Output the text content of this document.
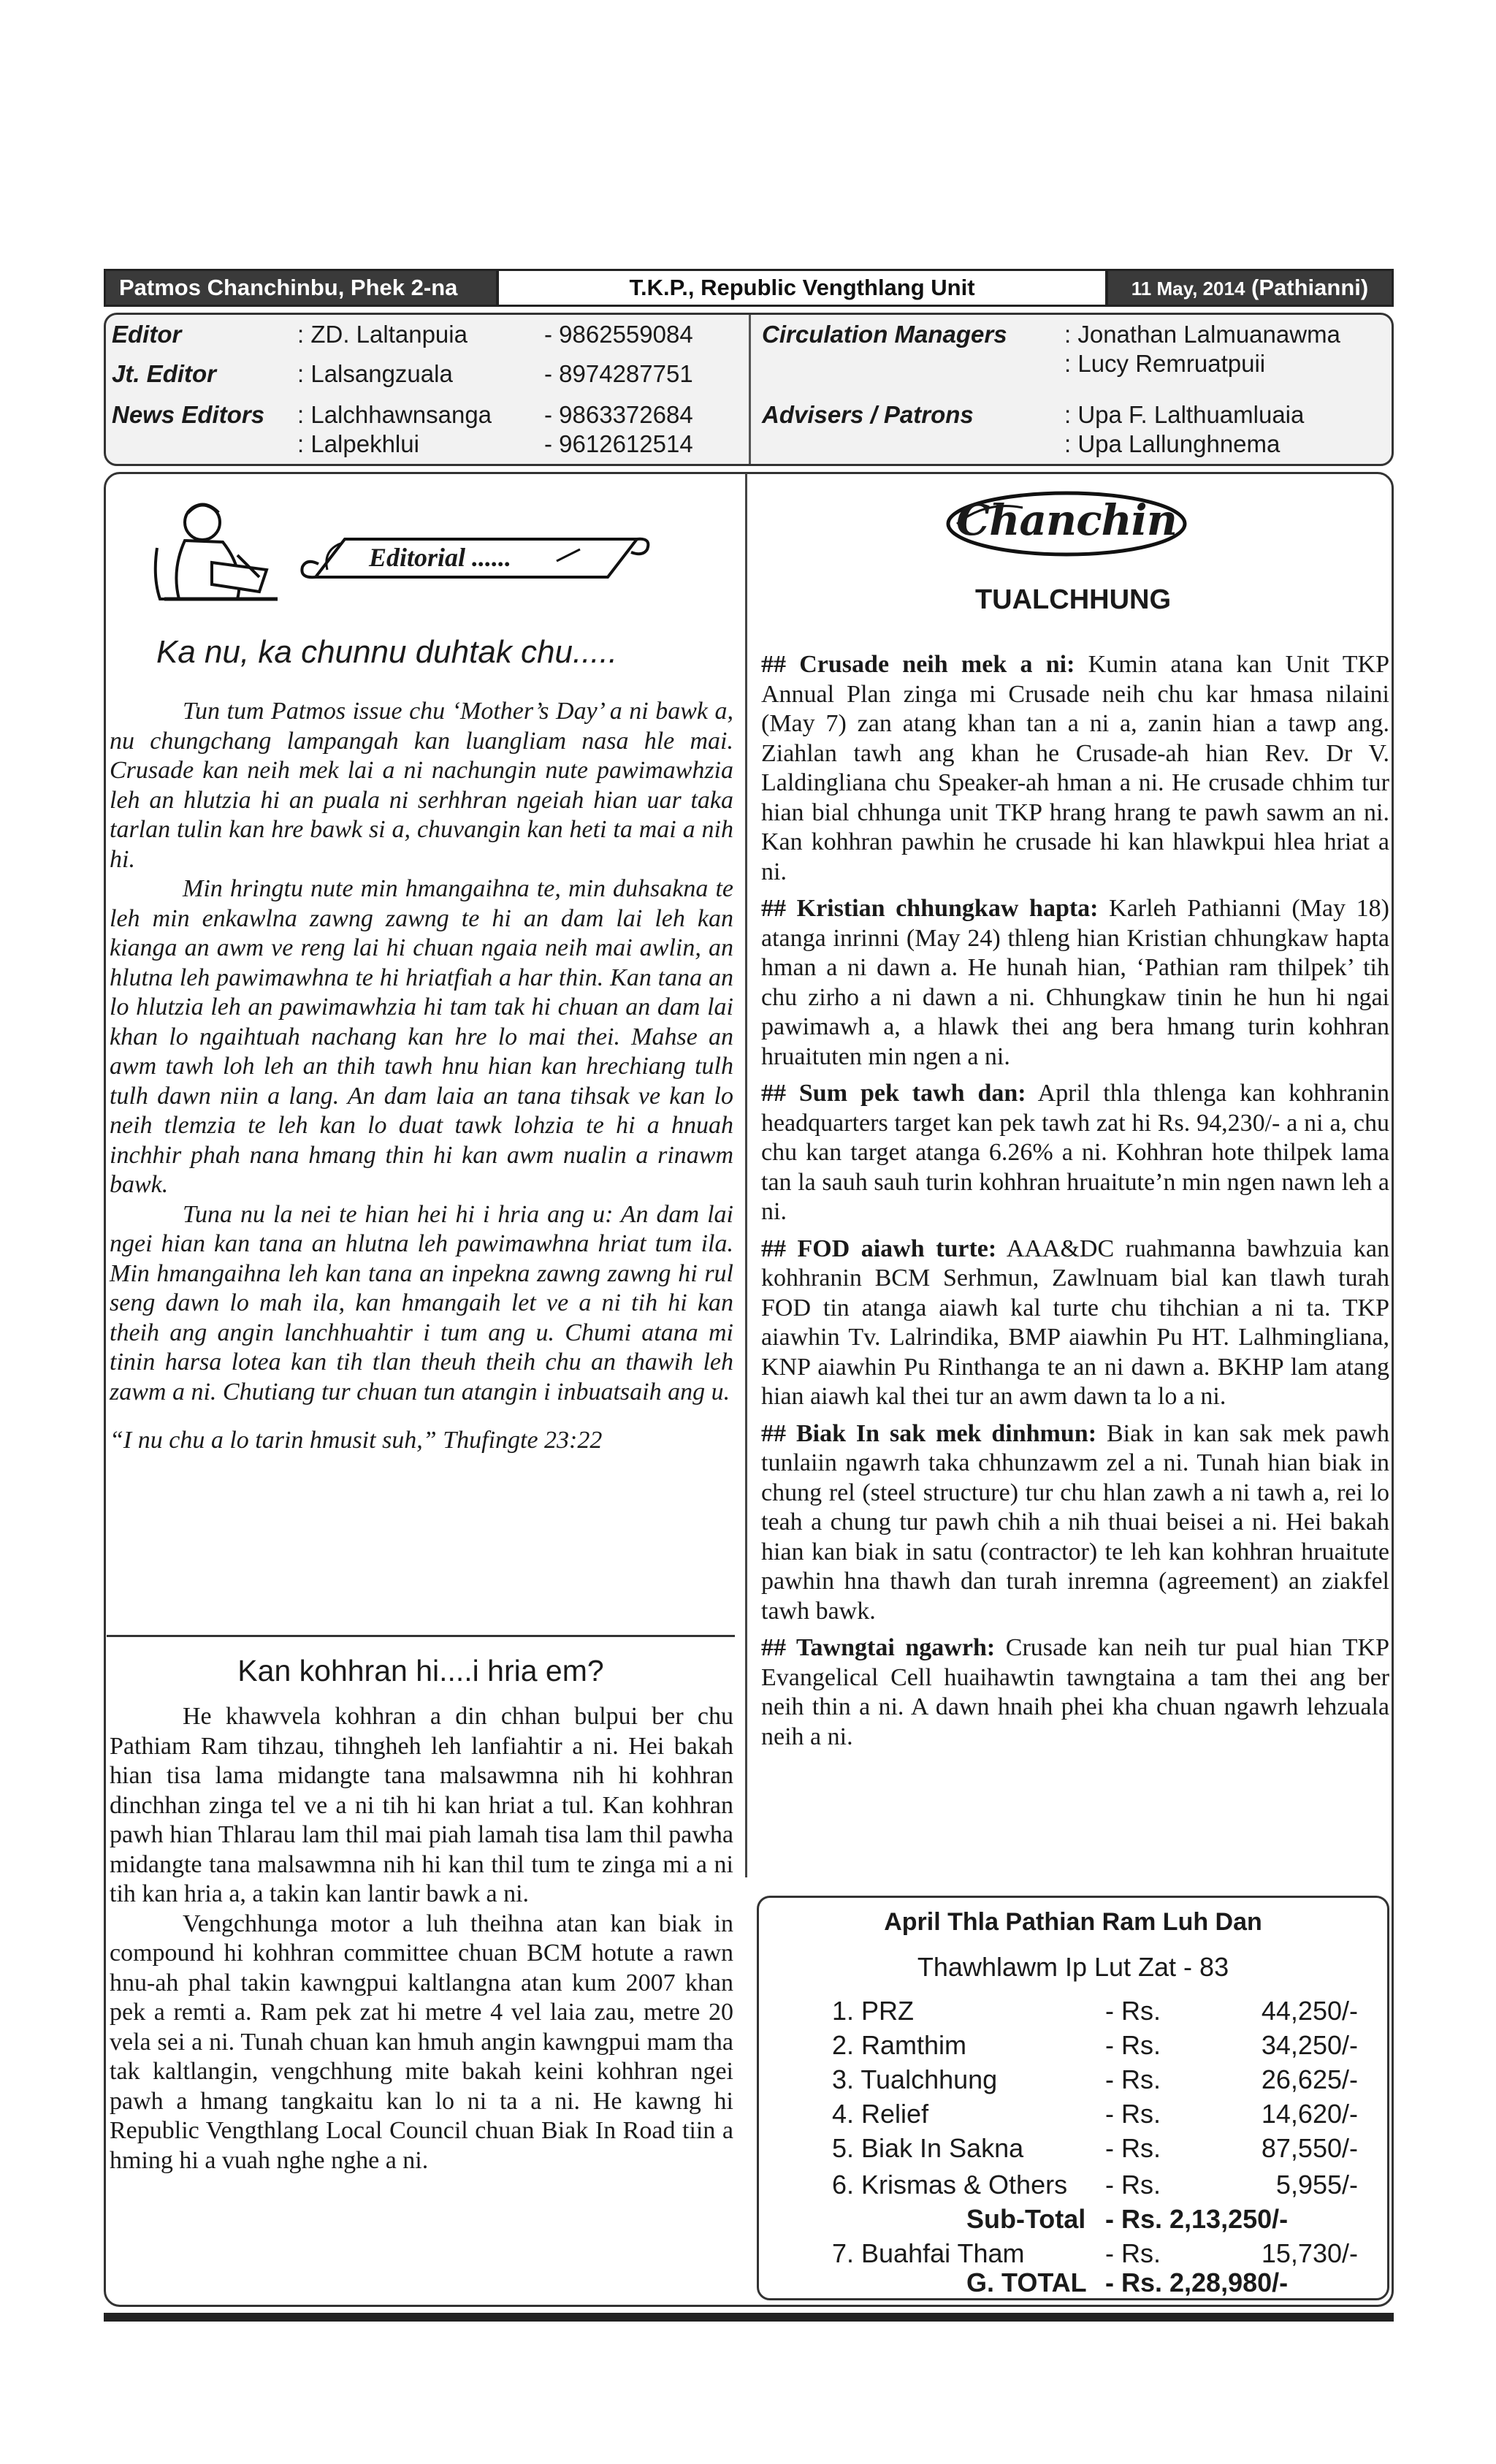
Patmos Chanchinbu, Phek 2-na	T.K.P., Republic Vengthlang Unit	11 May, 2014 (Pathianni)
Editor	: ZD. Laltanpuia	- 9862559084
Jt. Editor	: Lalsangzuala	- 8974287751
News Editors : Lalchhawnsanga - 9863372684
: Lalpekhlui	- 9612612514
Circulation Managers : Jonathan Lalmuanawma
: Lucy Remruatpuii
Advisers / Patrons	: Upa F. Lalthuamluaia
: Upa Lallunghnema
Editorial ......
Ka nu, ka chunnu duhtak chu.....

Tun tum Patmos issue chu ‘Mother’s Day’ a ni bawk a, nu chungchang lampangah kan luangliam nasa hle mai. Crusade kan neih mek lai a ni nachungin nute pawimawhzia leh an hlutzia hi an puala ni serhhran ngeiah hian uar taka tarlan tulin kan hre bawk si a, chuvangin kan heti ta mai a nih hi.

Min hringtu nute min hmangaihna te, min duhsakna te leh min enkawlna zawng zawng te hi an dam lai leh kan kianga an awm ve reng lai hi chuan ngaia neih mai awlin, an hlutna leh pawimawhna te hi hriatfiah a har thin. Kan tana an lo hlutzia leh an pawimawhzia hi tam tak hi chuan an dam lai khan lo ngaihtuah nachang kan hre lo mai thei. Mahse an awm tawh loh leh an thih tawh hnu hian kan hrechiang tulh tulh dawn niin a lang. An dam laia an tana tihsak ve kan lo neih tlemzia te leh kan lo duat tawk lohzia te hi a hnuah inchhir phah nana hmang thin hi kan awm nualin a rinawm bawk.

Tuna nu la nei te hian hei hi i hria ang u: An dam lai ngei hian kan tana an hlutna leh pawimawhna hriat tum ila. Min hmangaihna leh kan tana an inpekna zawng zawng hi rul seng dawn lo mah ila, kan hmangaih let ve a ni tih hi kan theih ang angin lanchhuahtir i tum ang u. Chumi atana mi tinin harsa lotea kan tih tlan theuh theih chu an thawih leh zawm a ni. Chutiang tur chuan tun atangin i inbuatsaih ang u.

“I nu chu a lo tarin hmusit suh,” Thufingte 23:22

Kan kohhran hi....i hria em?

He khawvela kohhran a din chhan bulpui ber chu Pathiam Ram tihzau, tihngheh leh lanfiahtir a ni. Hei bakah hian tisa lama midangte tana malsawmna nih hi kohhran dinchhan zinga tel ve a ni tih hi kan hriat a tul. Kan kohhran pawh hian Thlarau lam thil mai piah lamah tisa lam thil pawha midangte tana malsawmna nih hi kan thil tum te zinga mi a ni tih kan hria a, a takin kan lantir bawk a ni.

Vengchhunga motor a luh theihna atan kan biak in compound hi kohhran committee chuan BCM hotute a rawn hnu-ah phal takin kawngpui kaltlangna atan kum 2007 khan pek a remti a. Ram pek zat hi metre 4 vel laia zau, metre 20 vela sei a ni. Tunah chuan kan hmuh angin kawngpui mam tha tak kaltlangin, vengchhung mite bakah keini kohhran ngei pawh a hmang tangkaitu kan lo ni ta a ni. He kawng hi Republic Vengthlang Local Council chuan Biak In Road tiin a hming hi a vuah nghe nghe a ni.

Chanchin
TUALCHHUNG

## Crusade neih mek a ni: Kumin atana kan Unit TKP Annual Plan zinga mi Crusade neih chu kar hmasa nilaini (May 7) zan atang khan tan a ni a, zanin hian a tawp ang. Ziahlan tawh ang khan he Crusade-ah hian Rev. Dr V. Laldingliana chu Speaker-ah hman a ni. He crusade chhim tur hian bial chhunga unit TKP hrang hrang te pawh sawm an ni. Kan kohhran pawhin he crusade hi kan hlawkpui hlea hriat a ni.

## Kristian chhungkaw hapta: Karleh Pathianni (May 18) atanga inrinni (May 24) thleng hian Kristian chhungkaw hapta hman a ni dawn a. He hunah hian, ‘Pathian ram thilpek’ tih chu zirho a ni dawn a ni. Chhungkaw tinin he hun hi ngai pawimawh a, a hlawk thei ang bera hmang turin kohhran hruaituten min ngen a ni.

## Sum pek tawh dan: April thla thlenga kan kohhranin headquarters target kan pek tawh zat hi Rs. 94,230/- a ni a, chu chu kan target atanga 6.26% a ni. Kohhran hote thilpek lama tan la sauh sauh turin kohhran hruaitute’n min ngen nawn leh a ni.

## FOD aiawh turte: AAA&DC ruahmanna bawhzuia kan kohhranin BCM Serhmun, Zawlnuam bial kan tlawh turah FOD tin atanga aiawh kal turte chu tihchian a ni ta. TKP aiawhin Tv. Lalrindika, BMP aiawhin Pu HT. Lalhmingliana, KNP aiawhin Pu Rinthanga te an ni dawn a. BKHP lam atang hian aiawh kal thei tur an awm dawn ta lo a ni.

## Biak In sak mek dinhmun: Biak in kan sak mek pawh tunlaiin ngawrh taka chhunzawm zel a ni. Tunah hian biak in chung rel (steel structure) tur chu hlan zawh a ni tawh a, rei lo teah a chung tur pawh chih a nih thuai beisei a ni. Hei bakah hian kan biak in satu (contractor) te leh kan kohhran hruaitute pawhin hna thawh dan turah inremna (agreement) an ziakfel tawh bawk.

## Tawngtai ngawrh: Crusade kan neih tur pual hian TKP Evangelical Cell huaihawtin tawngtaina a tam thei ang ber neih thin a ni. A dawn hnaih phei kha chuan ngawrh lehzuala neih a ni.

April Thla Pathian Ram Luh Dan
Thawhlawm Ip Lut Zat - 83
1. PRZ	- Rs.	44,250/-
2. Ramthim	- Rs.	34,250/-
3. Tualchhung	- Rs.	26,625/-
4. Relief	- Rs.	14,620/-
5. Biak In Sakna	- Rs.	87,550/-
6. Krismas & Others - Rs.	5,955/-
Sub-Total - Rs. 2,13,250/-
7. Buahfai Tham	- Rs.	15,730/-
G. TOTAL - Rs. 2,28,980/-
